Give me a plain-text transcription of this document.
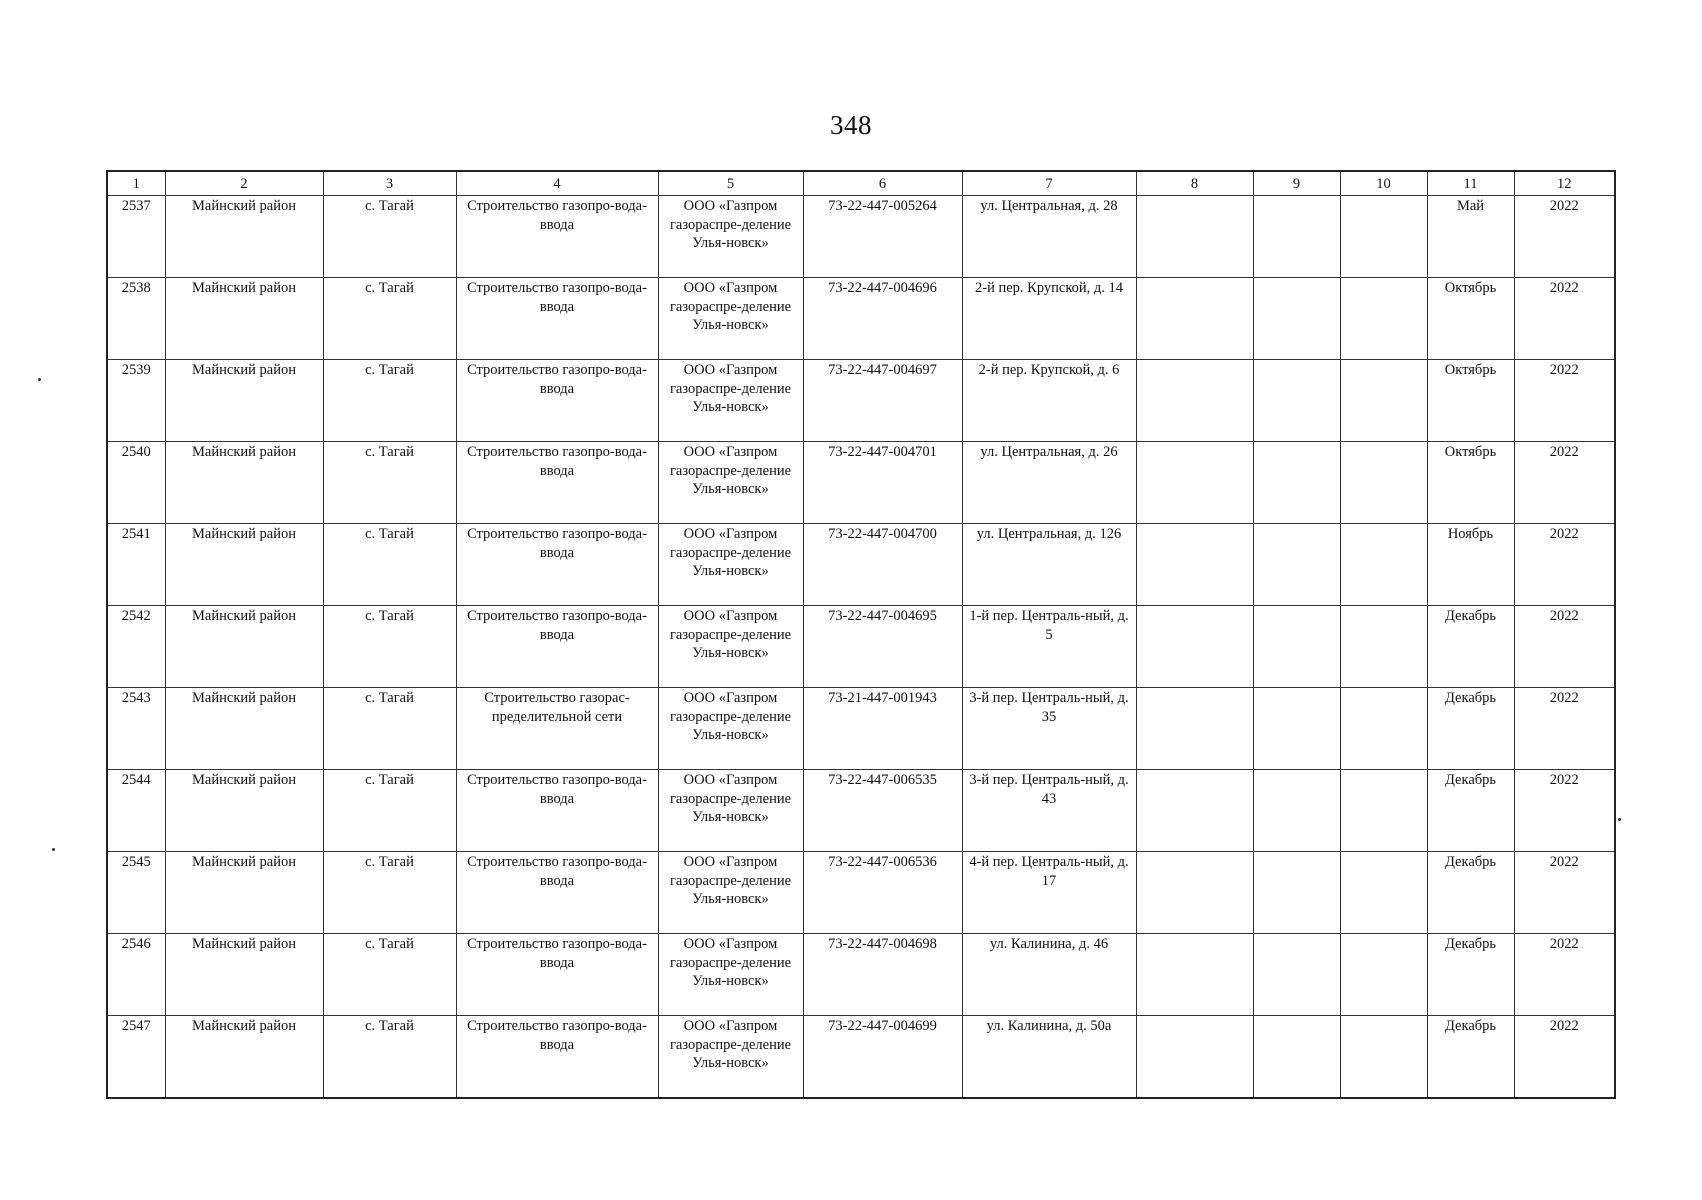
348
1	2	3	4	5	6	7	8	9	10	11	12
2537	Майнский район	с. Тагай	Строительство газопро-вода-ввода	ООО «Газпром газораспре-деление Улья-новск»	73-22-447-005264	ул. Центральная, д. 28				Май	2022
2538	Майнский район	с. Тагай	Строительство газопро-вода-ввода	ООО «Газпром газораспре-деление Улья-новск»	73-22-447-004696	2-й пер. Крупской, д. 14				Октябрь	2022
2539	Майнский район	с. Тагай	Строительство газопро-вода-ввода	ООО «Газпром газораспре-деление Улья-новск»	73-22-447-004697	2-й пер. Крупской, д. 6				Октябрь	2022
2540	Майнский район	с. Тагай	Строительство газопро-вода-ввода	ООО «Газпром газораспре-деление Улья-новск»	73-22-447-004701	ул. Центральная, д. 26				Октябрь	2022
2541	Майнский район	с. Тагай	Строительство газопро-вода-ввода	ООО «Газпром газораспре-деление Улья-новск»	73-22-447-004700	ул. Центральная, д. 126				Ноябрь	2022
2542	Майнский район	с. Тагай	Строительство газопро-вода-ввода	ООО «Газпром газораспре-деление Улья-новск»	73-22-447-004695	1-й пер. Централь-ный, д. 5				Декабрь	2022
2543	Майнский район	с. Тагай	Строительство газорас-пределительной сети	ООО «Газпром газораспре-деление Улья-новск»	73-21-447-001943	3-й пер. Централь-ный, д. 35				Декабрь	2022
2544	Майнский район	с. Тагай	Строительство газопро-вода-ввода	ООО «Газпром газораспре-деление Улья-новск»	73-22-447-006535	3-й пер. Централь-ный, д. 43				Декабрь	2022
2545	Майнский район	с. Тагай	Строительство газопро-вода-ввода	ООО «Газпром газораспре-деление Улья-новск»	73-22-447-006536	4-й пер. Централь-ный, д. 17				Декабрь	2022
2546	Майнский район	с. Тагай	Строительство газопро-вода-ввода	ООО «Газпром газораспре-деление Улья-новск»	73-22-447-004698	ул. Калинина, д. 46				Декабрь	2022
2547	Майнский район	с. Тагай	Строительство газопро-вода-ввода	ООО «Газпром газораспре-деление Улья-новск»	73-22-447-004699	ул. Калинина, д. 50а				Декабрь	2022
